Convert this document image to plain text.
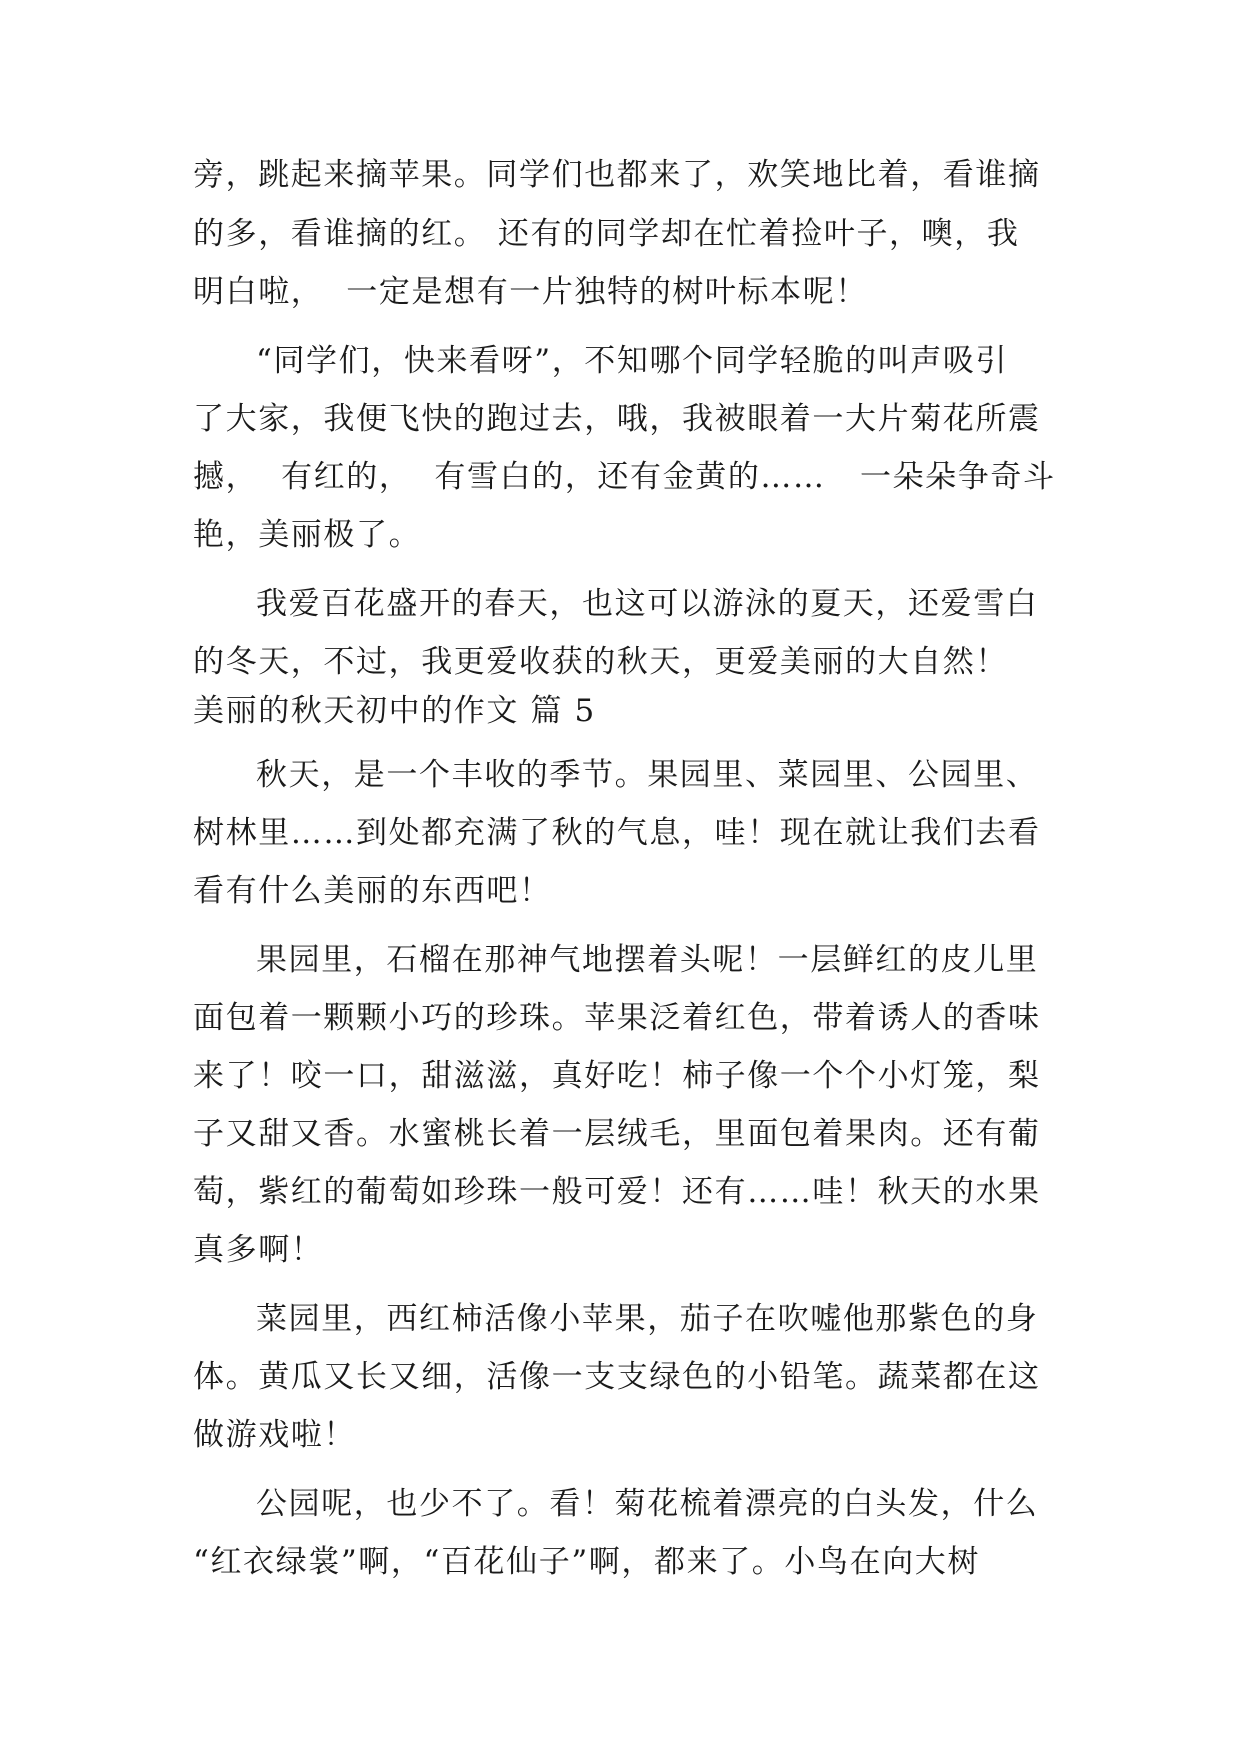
旁，跳起来摘苹果。同学们也都来了，欢笑地比着，看谁摘
的多，看谁摘的红。 还有的同学却在忙着捡叶子，噢，我
明白啦，  一定是想有一片独特的树叶标本呢！
“同学们，快来看呀”，不知哪个同学轻脆的叫声吸引
了大家，我便飞快的跑过去，哦，我被眼着一大片菊花所震
撼，  有红的，  有雪白的，还有金黄的……   一朵朵争奇斗
艳，美丽极了。
我爱百花盛开的春天，也这可以游泳的夏天，还爱雪白
的冬天，不过，我更爱收获的秋天，更爱美丽的大自然！
美丽的秋天初中的作文 篇 5
秋天，是一个丰收的季节。果园里、菜园里、公园里、
树林里……到处都充满了秋的气息，哇！现在就让我们去看
看有什么美丽的东西吧！
果园里，石榴在那神气地摆着头呢！一层鲜红的皮儿里
面包着一颗颗小巧的珍珠。苹果泛着红色，带着诱人的香味
来了！咬一口，甜滋滋，真好吃！柿子像一个个小灯笼，梨
子又甜又香。水蜜桃长着一层绒毛，里面包着果肉。还有葡
萄，紫红的葡萄如珍珠一般可爱！还有……哇！秋天的水果
真多啊！
菜园里，西红柿活像小苹果，茄子在吹嘘他那紫色的身
体。黄瓜又长又细，活像一支支绿色的小铅笔。蔬菜都在这
做游戏啦！
公园呢，也少不了。看！菊花梳着漂亮的白头发，什么
“红衣绿裳”啊，“百花仙子”啊，都来了。小鸟在向大树
